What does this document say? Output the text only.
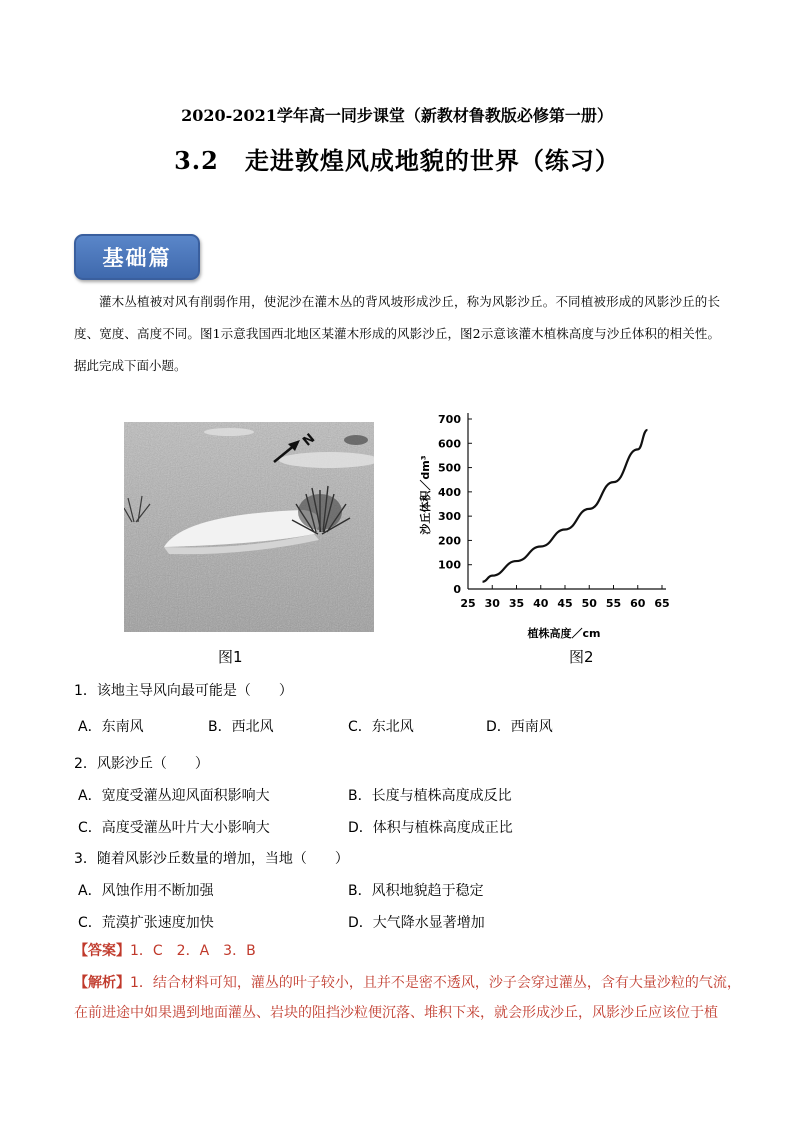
2020-2021学年高一同步课堂（新教材鲁教版必修第一册）
3.2 走进敦煌风成地貌的世界（练习）
基础篇
灌木丛植被对风有削弱作用，使泥沙在灌木丛的背风坡形成沙丘，称为风影沙丘。不同植被形成的风影沙丘的长度、宽度、高度不同。图1示意我国西北地区某灌木形成的风影沙丘，图2示意该灌木植株高度与沙丘体积的相关性。据此完成下面小题。
N
图1
0
100
200
300
400
500
600
700
25 30 35 40 45 50 55 60 65
植株高度／cm
沙丘体积／dm³
图2
1．该地主导风向最可能是（　　）
A．东南风	B．西北风	C．东北风	D．西南风
2．风影沙丘（　　）
A．宽度受灌丛迎风面积影响大	B．长度与植株高度成反比
C．高度受灌丛叶片大小影响大	D．体积与植株高度成正比
3．随着风影沙丘数量的增加，当地（　　）
A．风蚀作用不断加强	B．风积地貌趋于稳定
C．荒漠扩张速度加快	D．大气降水显著增加
【答案】1．C　2．A　3．B
【解析】1．结合材料可知，灌丛的叶子较小，且并不是密不透风，沙子会穿过灌丛，含有大量沙粒的气流，在前进途中如果遇到地面灌丛、岩块的阻挡沙粒便沉落、堆积下来，就会形成沙丘，风影沙丘应该位于植
